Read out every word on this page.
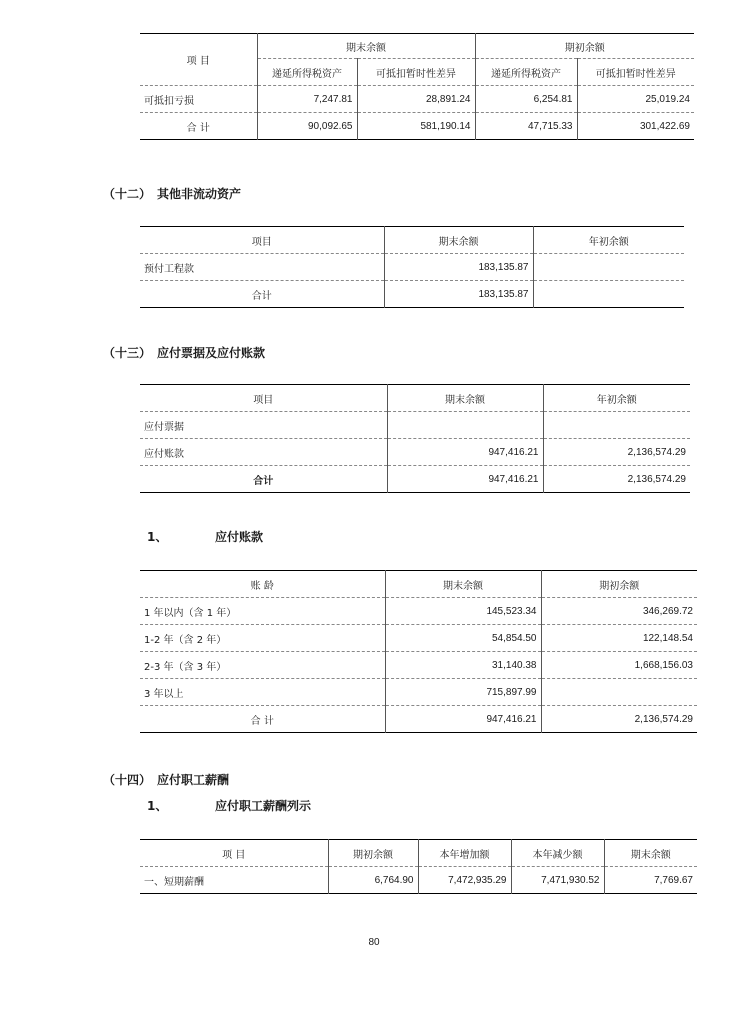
项 目	期末余额		期初余额	
	递延所得税资产	可抵扣暂时性差异	递延所得税资产	可抵扣暂时性差异
可抵扣亏损	7,247.81	28,891.24	6,254.81	25,019.24
合 计	90,092.65	581,190.14	47,715.33	301,422.69
（十二） 其他非流动资产
项目	期末余额	年初余额
预付工程款	183,135.87	
合计	183,135.87	
（十三） 应付票据及应付账款
项目	期末余额	年初余额
应付票据		
应付账款	947,416.21	2,136,574.29
合计	947,416.21	2,136,574.29
1、	应付账款
账 龄	期末余额	期初余额
1 年以内（含 1 年）	145,523.34	346,269.72
1-2 年（含 2 年）	54,854.50	122,148.54
2-3 年（含 3 年）	31,140.38	1,668,156.03
3 年以上	715,897.99	
合 计	947,416.21	2,136,574.29
（十四） 应付职工薪酬
1、	应付职工薪酬列示
项 目	期初余额	本年增加额	本年减少额	期末余额
一、短期薪酬	6,764.90	7,472,935.29	7,471,930.52	7,769.67
80
